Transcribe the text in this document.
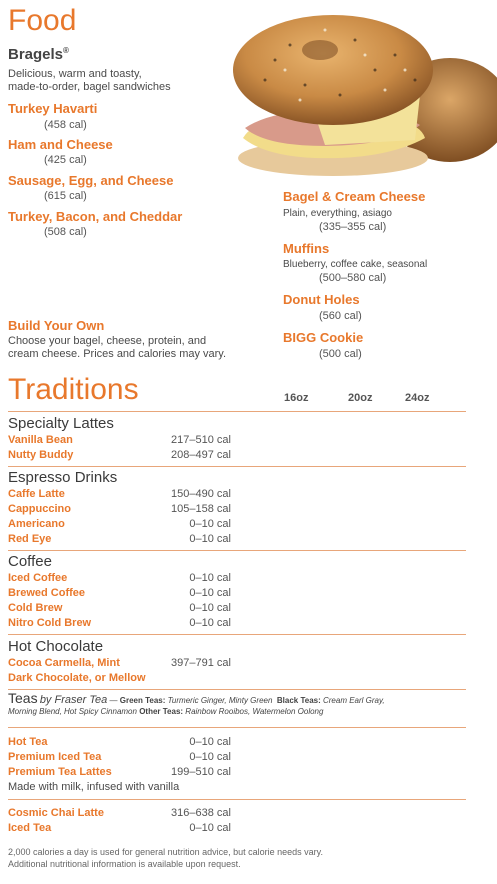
Food
Bragels®
Delicious, warm and toasty,
made-to-order, bagel sandwiches
Turkey Havarti
(458 cal)
Ham and Cheese
(425 cal)
Sausage, Egg, and Cheese
(615 cal)
Turkey, Bacon, and Cheddar
(508 cal)
Build Your Own
Choose your bagel, cheese, protein, and
cream cheese. Prices and calories may vary.
Bagel & Cream Cheese
Plain, everything, asiago
(335–355 cal)
Muffins
Blueberry, coffee cake, seasonal
(500–580 cal)
Donut Holes
(560 cal)
BIGG Cookie
(500 cal)
Traditions	16oz	20oz	24oz
Specialty Lattes
Vanilla Bean	217–510 cal
Nutty Buddy	208–497 cal
Espresso Drinks
Caffe Latte	150–490 cal
Cappuccino	105–158 cal
Americano	0–10 cal
Red Eye	0–10 cal
Coffee
Iced Coffee	0–10 cal
Brewed Coffee	0–10 cal
Cold Brew	0–10 cal
Nitro Cold Brew	0–10 cal
Hot Chocolate
Cocoa Carmella, Mint	397–791 cal
Dark Chocolate, or Mellow
Teas by Fraser Tea — Green Teas: Turmeric Ginger, Minty Green Black Teas: Cream Earl Gray,
Morning Blend, Hot Spicy Cinnamon Other Teas: Rainbow Rooibos, Watermelon Oolong
Hot Tea	0–10 cal
Premium Iced Tea	0–10 cal
Premium Tea Lattes	199–510 cal
Made with milk, infused with vanilla
Cosmic Chai Latte	316–638 cal
Iced Tea	0–10 cal
2,000 calories a day is used for general nutrition advice, but calorie needs vary.
Additional nutritional information is available upon request.
